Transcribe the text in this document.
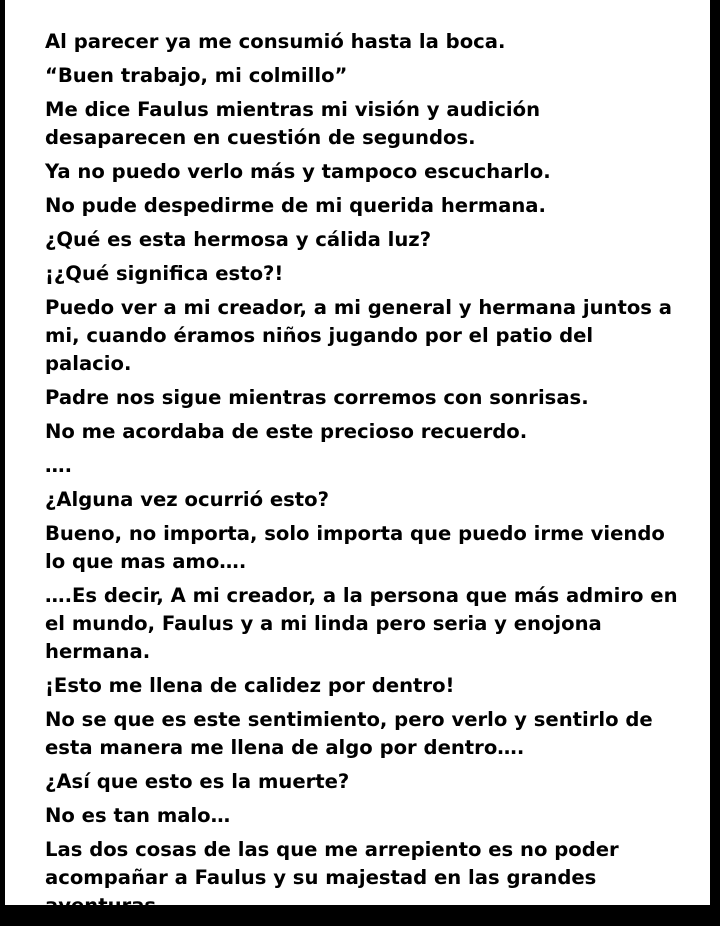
Al parecer ya me consumió hasta la boca.

“Buen trabajo, mi colmillo”

Me dice Faulus mientras mi visión y audición desaparecen en cuestión de segundos.

Ya no puedo verlo más y tampoco escucharlo.

No pude despedirme de mi querida hermana.

¿Qué es esta hermosa y cálida luz?

¡¿Qué significa esto?!

Puedo ver a mi creador, a mi general y hermana juntos a mi, cuando éramos niños jugando por el patio del palacio.

Padre nos sigue mientras corremos con sonrisas.

No me acordaba de este precioso recuerdo.

….

¿Alguna vez ocurrió esto?

Bueno, no importa, solo importa que puedo irme viendo lo que mas amo….

….Es decir, A mi creador, a la persona que más admiro en el mundo, Faulus y a mi linda pero seria y enojona hermana.

¡Esto me llena de calidez por dentro!

No se que es este sentimiento, pero verlo y sentirlo de esta manera me llena de algo por dentro….

¿Así que esto es la muerte?

No es tan malo…

Las dos cosas de las que me arrepiento es no poder acompañar a Faulus y su majestad en las grandes aventuras,
